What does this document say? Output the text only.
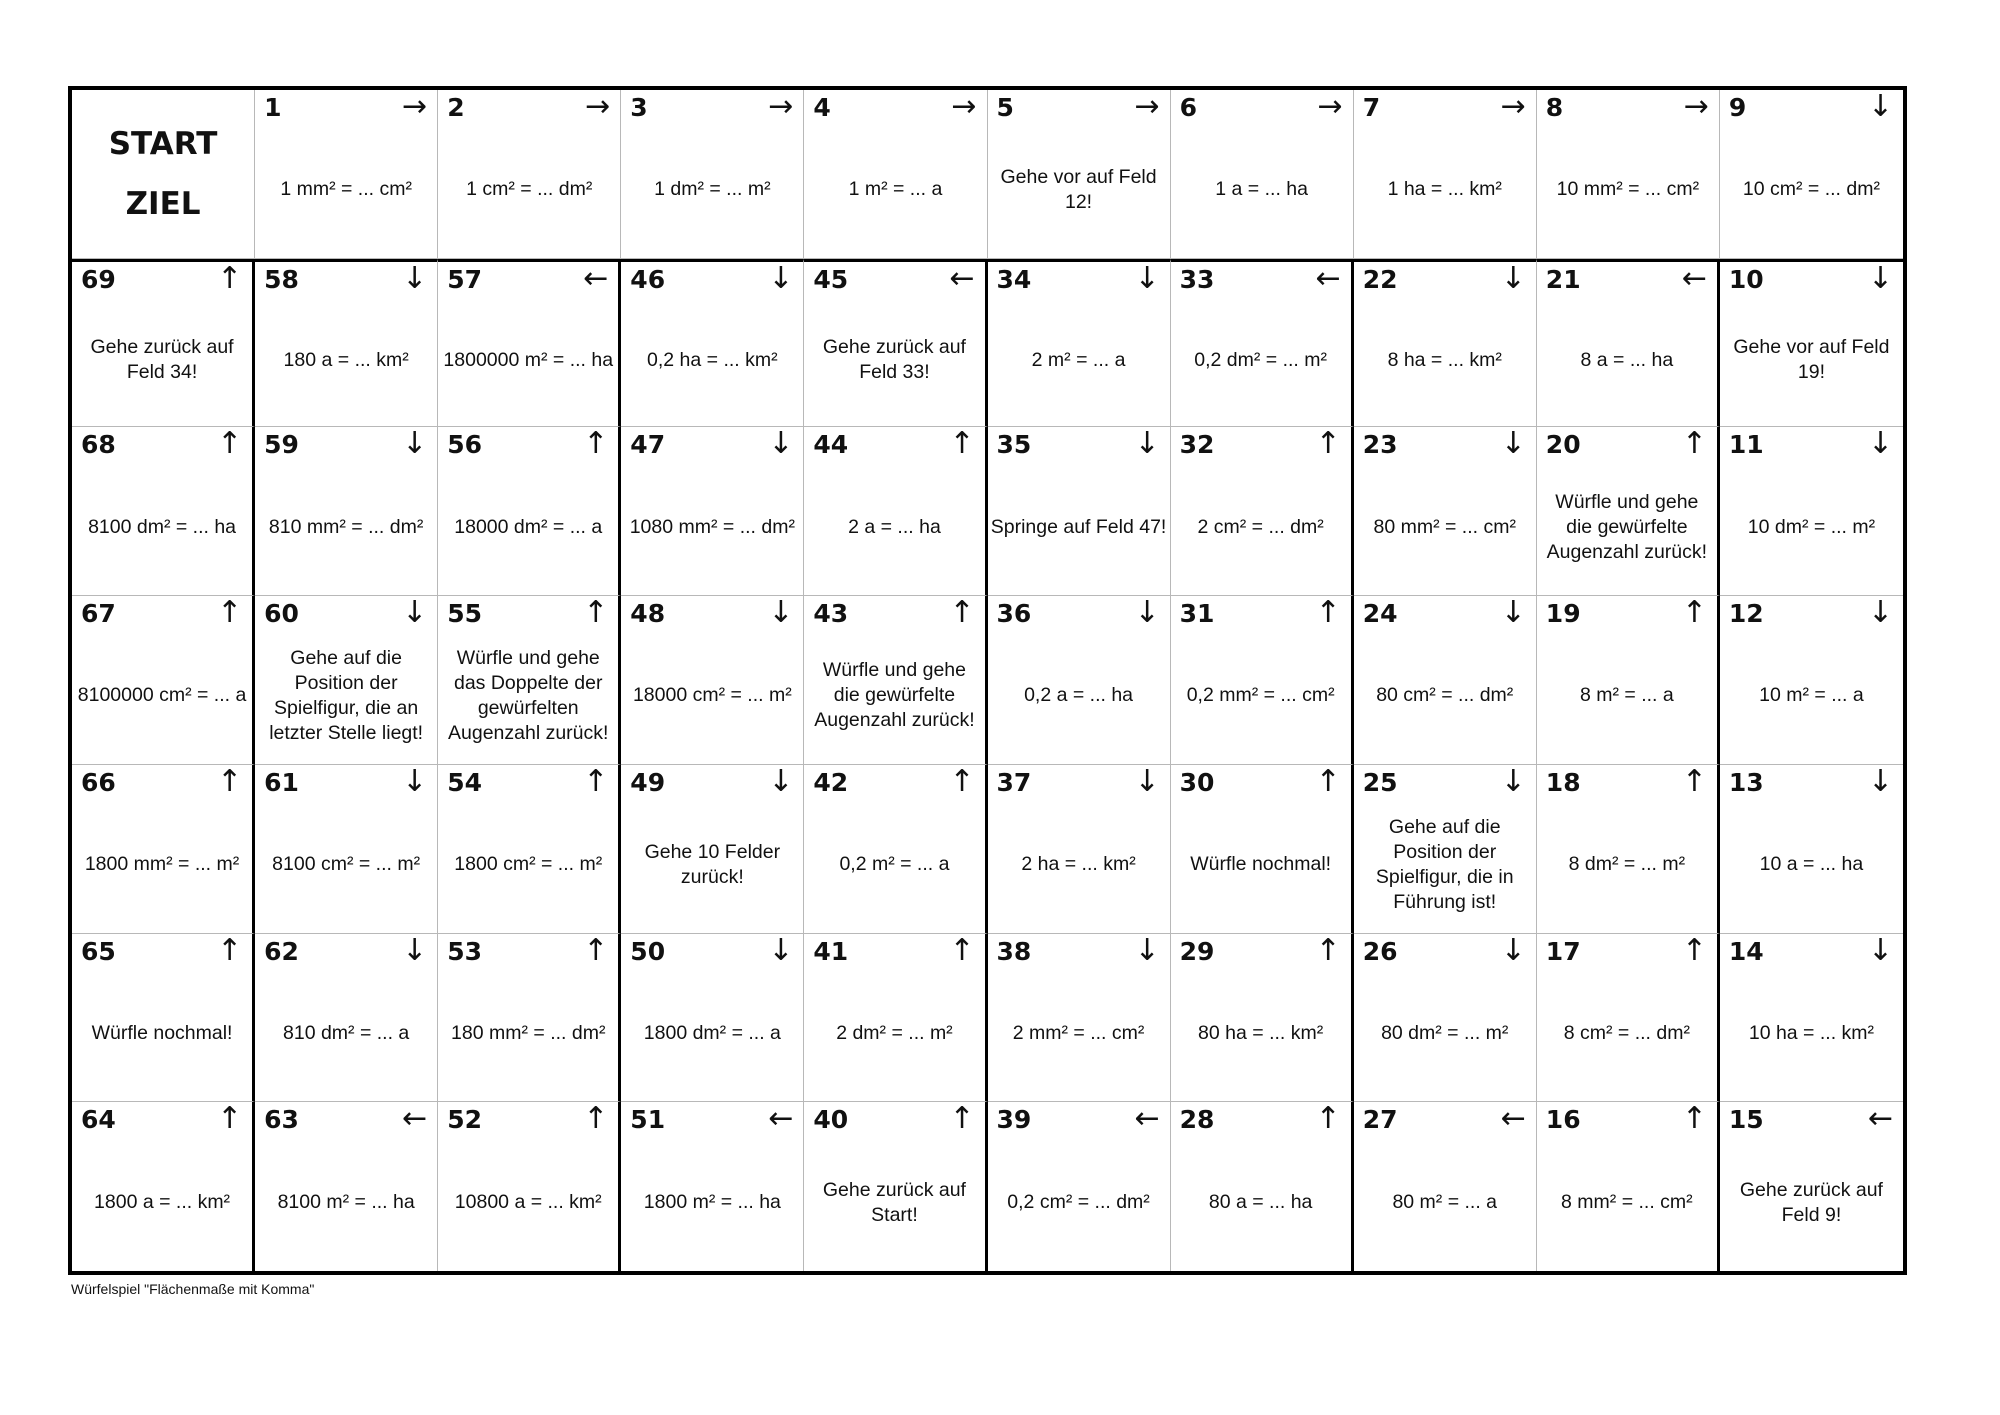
START
ZIEL
1	→
1 mm² = ... cm²
2	→
1 cm² = ... dm²
3	→
1 dm² = ... m²
4	→
1 m² = ... a
5	→
Gehe vor auf Feld 12!
6	→
1 a = ... ha
7	→
1 ha = ... km²
8	→
10 mm² = ... cm²
9	↓
10 cm² = ... dm²
69	↑
Gehe zurück auf Feld 34!
58	↓
180 a = ... km²
57	←
1800000 m² = ... ha
46	↓
0,2 ha = ... km²
45	←
Gehe zurück auf Feld 33!
34	↓
2 m² = ... a
33	←
0,2 dm² = ... m²
22	↓
8 ha = ... km²
21	←
8 a = ... ha
10	↓
Gehe vor auf Feld 19!
68	↑
8100 dm² = ... ha
59	↓
810 mm² = ... dm²
56	↑
18000 dm² = ... a
47	↓
1080 mm² = ... dm²
44	↑
2 a = ... ha
35	↓
Springe auf Feld 47!
32	↑
2 cm² = ... dm²
23	↓
80 mm² = ... cm²
20	↑
Würfle und gehe die gewürfelte Augenzahl zurück!
11	↓
10 dm² = ... m²
67	↑
8100000 cm² = ... a
60	↓
Gehe auf die Position der Spielfigur, die an letzter Stelle liegt!
55	↑
Würfle und gehe das Doppelte der gewürfelten Augenzahl zurück!
48	↓
18000 cm² = ... m²
43	↑
Würfle und gehe die gewürfelte Augenzahl zurück!
36	↓
0,2 a = ... ha
31	↑
0,2 mm² = ... cm²
24	↓
80 cm² = ... dm²
19	↑
8 m² = ... a
12	↓
10 m² = ... a
66	↑
1800 mm² = ... m²
61	↓
8100 cm² = ... m²
54	↑
1800 cm² = ... m²
49	↓
Gehe 10 Felder zurück!
42	↑
0,2 m² = ... a
37	↓
2 ha = ... km²
30	↑
Würfle nochmal!
25	↓
Gehe auf die Position der Spielfigur, die in Führung ist!
18	↑
8 dm² = ... m²
13	↓
10 a = ... ha
65	↑
Würfle nochmal!
62	↓
810 dm² = ... a
53	↑
180 mm² = ... dm²
50	↓
1800 dm² = ... a
41	↑
2 dm² = ... m²
38	↓
2 mm² = ... cm²
29	↑
80 ha = ... km²
26	↓
80 dm² = ... m²
17	↑
8 cm² = ... dm²
14	↓
10 ha = ... km²
64	↑
1800 a = ... km²
63	←
8100 m² = ... ha
52	↑
10800 a = ... km²
51	←
1800 m² = ... ha
40	↑
Gehe zurück auf Start!
39	←
0,2 cm² = ... dm²
28	↑
80 a = ... ha
27	←
80 m² = ... a
16	↑
8 mm² = ... cm²
15	←
Gehe zurück auf Feld 9!
Würfelspiel "Flächenmaße mit Komma"
